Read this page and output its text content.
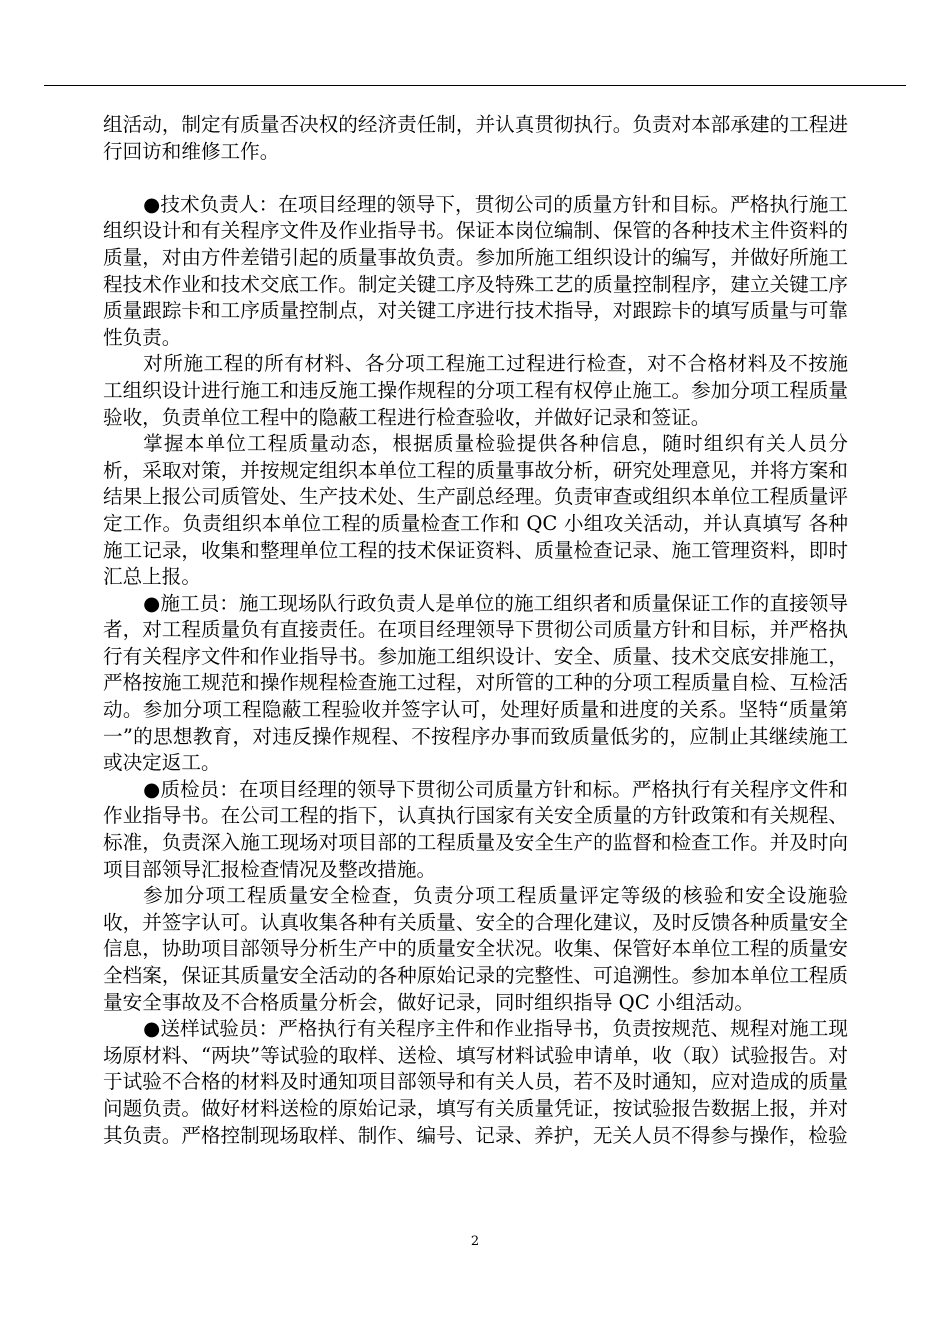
组活动，制定有质量否决权的经济责任制，并认真贯彻执行。负责对本部承建的工程进行回访和维修工作。

●技术负责人：在项目经理的领导下，贯彻公司的质量方针和目标。严格执行施工组织设计和有关程序文件及作业指导书。保证本岗位编制、保管的各种技术主件资料的质量，对由方件差错引起的质量事故负责。参加所施工组织设计的编写，并做好所施工程技术作业和技术交底工作。制定关键工序及特殊工艺的质量控制程序，建立关键工序质量跟踪卡和工序质量控制点，对关键工序进行技术指导，对跟踪卡的填写质量与可靠性负责。

对所施工程的所有材料、各分项工程施工过程进行检查，对不合格材料及不按施工组织设计进行施工和违反施工操作规程的分项工程有权停止施工。参加分项工程质量验收，负责单位工程中的隐蔽工程进行检查验收，并做好记录和签证。

掌握本单位工程质量动态，根据质量检验提供各种信息，随时组织有关人员分析，采取对策，并按规定组织本单位工程的质量事故分析，研究处理意见，并将方案和结果上报公司质管处、生产技术处、生产副总经理。负责审查或组织本单位工程质量评定工作。负责组织本单位工程的质量检查工作和 QC 小组攻关活动，并认真填写 各种施工记录，收集和整理单位工程的技术保证资料、质量检查记录、施工管理资料，即时汇总上报。

●施工员：施工现场队行政负责人是单位的施工组织者和质量保证工作的直接领导者，对工程质量负有直接责任。在项目经理领导下贯彻公司质量方针和目标，并严格执行有关程序文件和作业指导书。参加施工组织设计、安全、质量、技术交底安排施工，严格按施工规范和操作规程检查施工过程，对所管的工种的分项工程质量自检、互检活动。参加分项工程隐蔽工程验收并签字认可，处理好质量和进度的关系。坚特“质量第一”的思想教育，对违反操作规程、不按程序办事而致质量低劣的，应制止其继续施工或决定返工。

●质检员：在项目经理的领导下贯彻公司质量方针和标。严格执行有关程序文件和作业指导书。在公司工程的指下，认真执行国家有关安全质量的方针政策和有关规程、标准，负责深入施工现场对项目部的工程质量及安全生产的监督和检查工作。并及时向项目部领导汇报检查情况及整改措施。

参加分项工程质量安全检查，负责分项工程质量评定等级的核验和安全设施验收，并签字认可。认真收集各种有关质量、安全的合理化建议，及时反馈各种质量安全信息，协助项目部领导分析生产中的质量安全状况。收集、保管好本单位工程的质量安全档案，保证其质量安全活动的各种原始记录的完整性、可追溯性。参加本单位工程质量安全事故及不合格质量分析会，做好记录，同时组织指导 QC 小组活动。

●送样试验员：严格执行有关程序主件和作业指导书，负责按规范、规程对施工现场原材料、“两块”等试验的取样、送检、填写材料试验申请单，收（取）试验报告。对于试验不合格的材料及时通知项目部领导和有关人员，若不及时通知，应对造成的质量问题负责。做好材料送检的原始记录，填写有关质量凭证，按试验报告数据上报，并对其负责。严格控制现场取样、制作、编号、记录、养护，无关人员不得参与操作，检验

2
